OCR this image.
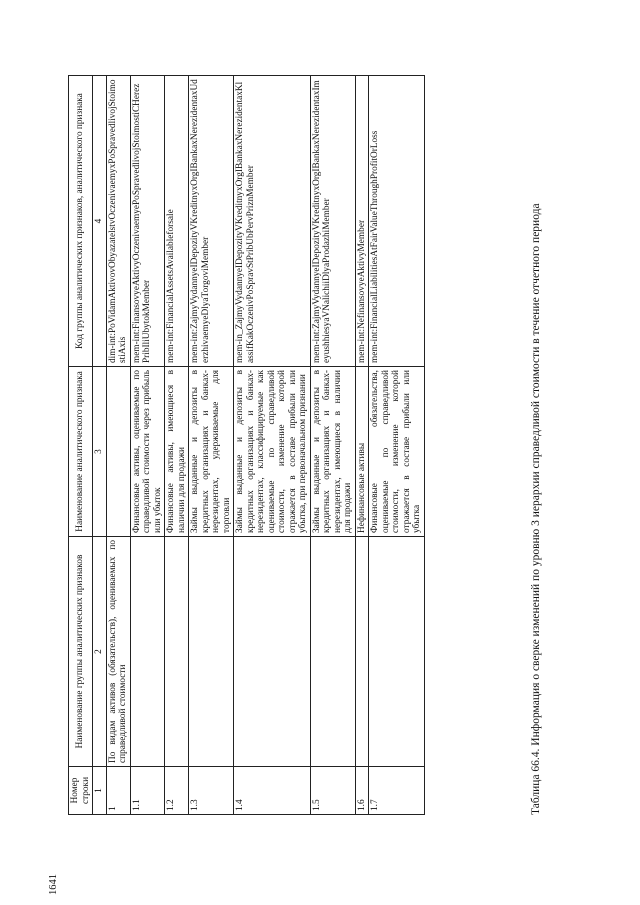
1641
Номер строки	Наименование группы аналитических признаков	Наименование аналитического признака	Код группы аналитических признаков, аналитического признака
1	2	3	4
1	По видам активов (обязательств), оцениваемых по справедливой стоимости		dim-int:PoVidamAktivovObyazatelstvOczenivaemyxPoSpravedlivojStoimostiAxis
1.1		Финансовые активы, оцениваемые по справедливой стоимости через прибыль или убыток	mem-int:FinansovyeAktivyOczenivaemyePoSpravedlivojStoimostiCHerezPribIliUbytokMember
1.2		Финансовые активы, имеющиеся в наличии для продажи	mem-int:FinancialAssetsAvailableforsale
1.3		Займы выданные и депозиты в кредитных организациях и банках-нерезидентах, удерживаемые для торговли	mem-int:ZajmyVydannyeIDepozityVKreditnyxOrgIBankaxNerezidentaxUderzhivaemyeDlyaTorgoviMember
1.4		Займы выданные и депозиты в кредитных организациях и банках-нерезидентах, классифицируемые как оцениваемые по справедливой стоимости, изменение которой отражается в составе прибыли или убытка, при первоначальном признании	mem-in_ZajmyVydannyeIDepozityVKreditnyxOrgIBankaxNerezidentaxKlassifKakOczenivPoSpravStPribUbPervPriznMember
1.5		Займы выданные и депозиты в кредитных организациях и банках-нерезидентах, имеющиеся в наличии для продажи	mem-int:ZajmyVydannyeIDepozityVKreditnyxOrgIBankaxNerezidentaxImeyushhiesyaVNalichiiDlyaProdazhiMember
1.6		Нефинансовые активы	mem-int:NefinansovyeAktivyMember
1.7		Финансовые обязательства, оцениваемые по справедливой стоимости, изменение которой отражается в составе прибыли или убытка	mem-int:FinancialLiabilitiesAtFairValueThroughProfitOrLoss	Таблица 66.4. Информация о сверке изменений по уровню 3 иерархии справедливой стоимости в течение отчетного периода
